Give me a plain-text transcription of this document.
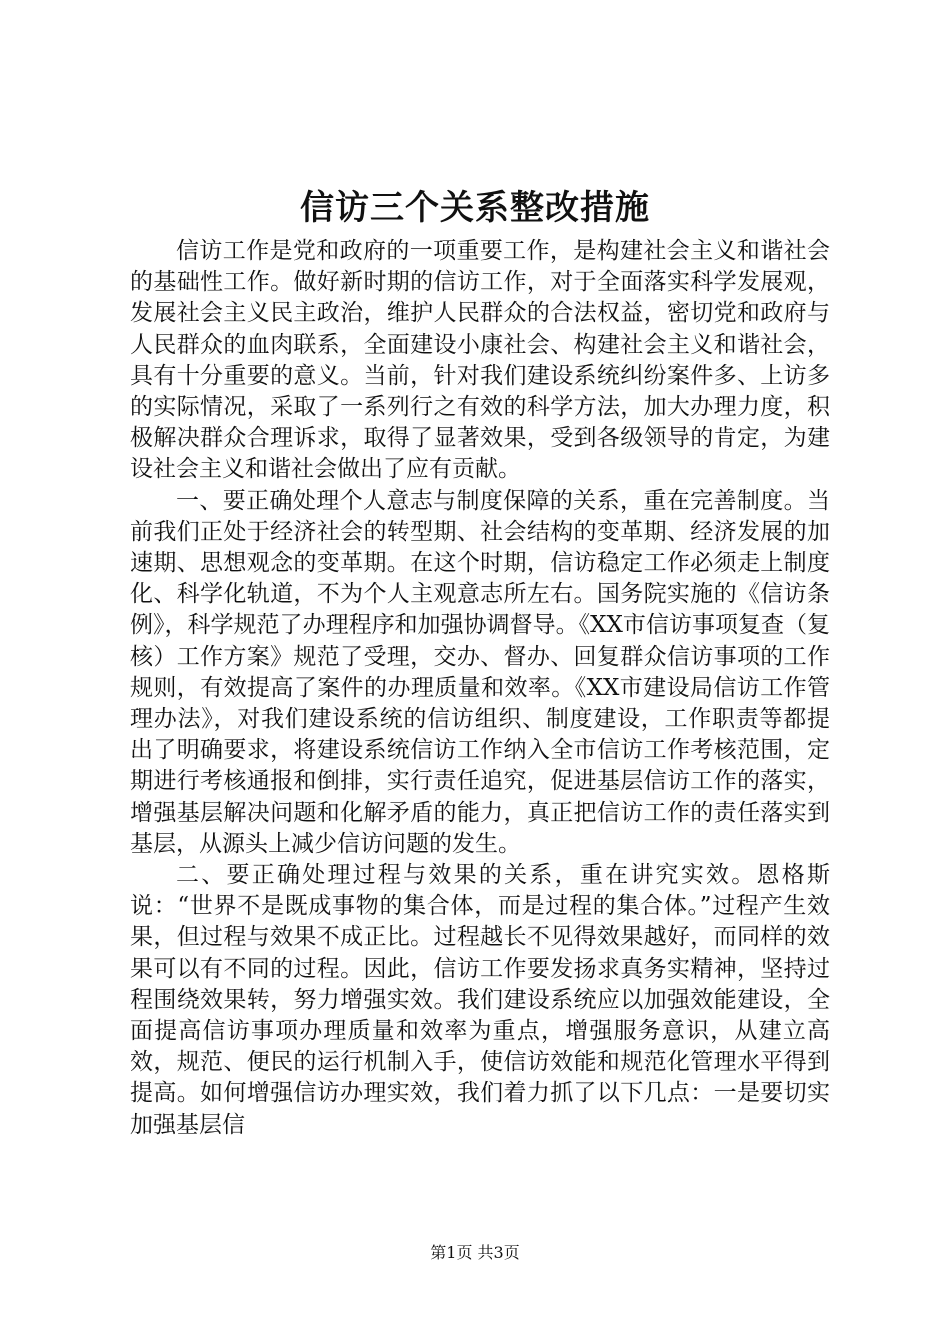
信访三个关系整改措施

信访工作是党和政府的一项重要工作，是构建社会主义和谐社会的基础性工作。做好新时期的信访工作，对于全面落实科学发展观，发展社会主义民主政治，维护人民群众的合法权益，密切党和政府与人民群众的血肉联系，全面建设小康社会、构建社会主义和谐社会，具有十分重要的意义。当前，针对我们建设系统纠纷案件多、上访多的实际情况，采取了一系列行之有效的科学方法，加大办理力度，积极解决群众合理诉求，取得了显著效果，受到各级领导的肯定，为建设社会主义和谐社会做出了应有贡献。

一、要正确处理个人意志与制度保障的关系，重在完善制度。当前我们正处于经济社会的转型期、社会结构的变革期、经济发展的加速期、思想观念的变革期。在这个时期，信访稳定工作必须走上制度化、科学化轨道，不为个人主观意志所左右。国务院实施的《信访条例》，科学规范了办理程序和加强协调督导。《XX市信访事项复查（复核）工作方案》规范了受理，交办、督办、回复群众信访事项的工作规则，有效提高了案件的办理质量和效率。《XX市建设局信访工作管理办法》，对我们建设系统的信访组织、制度建设，工作职责等都提出了明确要求，将建设系统信访工作纳入全市信访工作考核范围，定期进行考核通报和倒排，实行责任追究，促进基层信访工作的落实，增强基层解决问题和化解矛盾的能力，真正把信访工作的责任落实到基层，从源头上减少信访问题的发生。

二、要正确处理过程与效果的关系，重在讲究实效。恩格斯说：“世界不是既成事物的集合体，而是过程的集合体。”过程产生效果，但过程与效果不成正比。过程越长不见得效果越好，而同样的效果可以有不同的过程。因此，信访工作要发扬求真务实精神，坚持过程围绕效果转，努力增强实效。我们建设系统应以加强效能建设，全面提高信访事项办理质量和效率为重点，增强服务意识，从建立高效，规范、便民的运行机制入手，使信访效能和规范化管理水平得到提高。如何增强信访办理实效，我们着力抓了以下几点：一是要切实加强基层信

第1页 共3页
